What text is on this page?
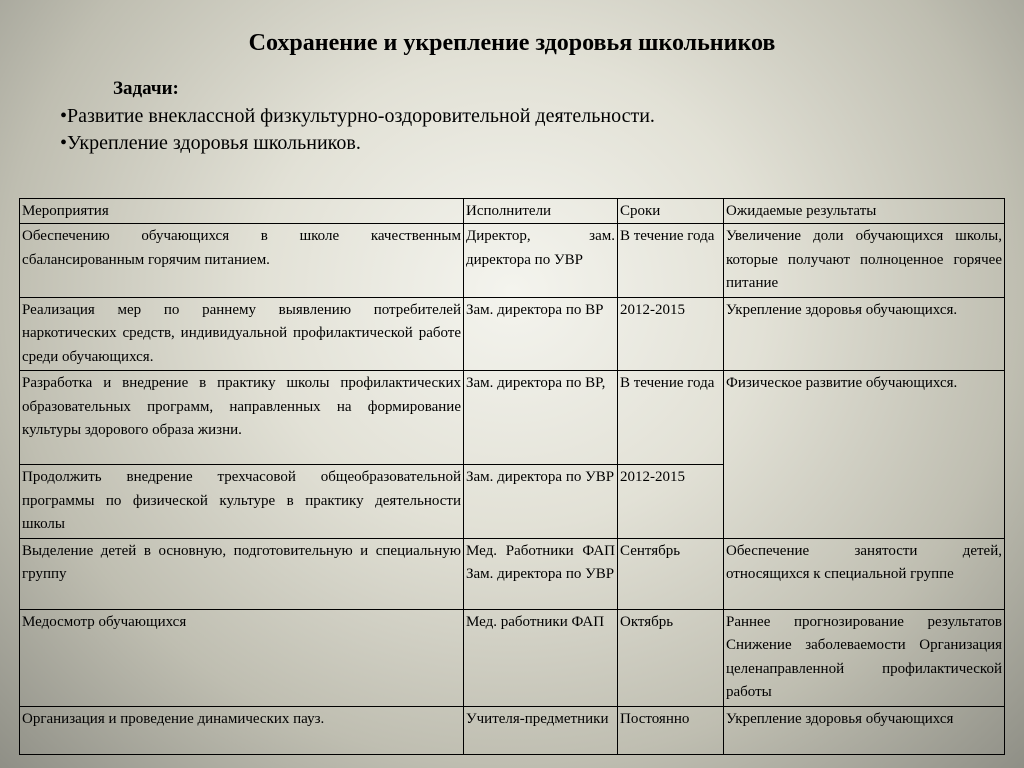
Сохранение и укрепление здоровья школьников
Задачи:
• Развитие внеклассной физкультурно-оздоровительной деятельности.
• Укрепление здоровья школьников.
Мероприятия	Исполнители	Сроки	Ожидаемые результаты
Обеспечению обучающихся в школе качественным сбалансированным горячим питанием.	Директор, зам. директора по УВР	В течение года	Увеличение доли обучающихся школы, которые получают полноценное горячее питание
Реализация мер по раннему выявлению потребителей наркотических средств, индивидуальной профилактической работе среди обучающихся.	Зам. директора по ВР	2012-2015	Укрепление здоровья обучающихся.
Разработка и внедрение в практику школы профилактических образовательных программ, направленных на формирование культуры здорового образа жизни.	Зам. директора по ВР,	В течение года	Физическое развитие обучающихся.
Продолжить внедрение трехчасовой общеобразовательной программы по физической культуре в практику деятельности школы	Зам. директора по УВР	2012-2015	
Выделение детей в основную, подготовительную и специальную группу	Мед. Работники ФАП Зам. директора по УВР	Сентябрь	Обеспечение занятости детей, относящихся к специальной группе
Медосмотр обучающихся	Мед. работники ФАП	Октябрь	Раннее прогнозирование результатов Снижение заболеваемости Организация целенаправленной профилактической работы
Организация и проведение динамических пауз.	Учителя-предметники	Постоянно	Укрепление здоровья обучающихся
